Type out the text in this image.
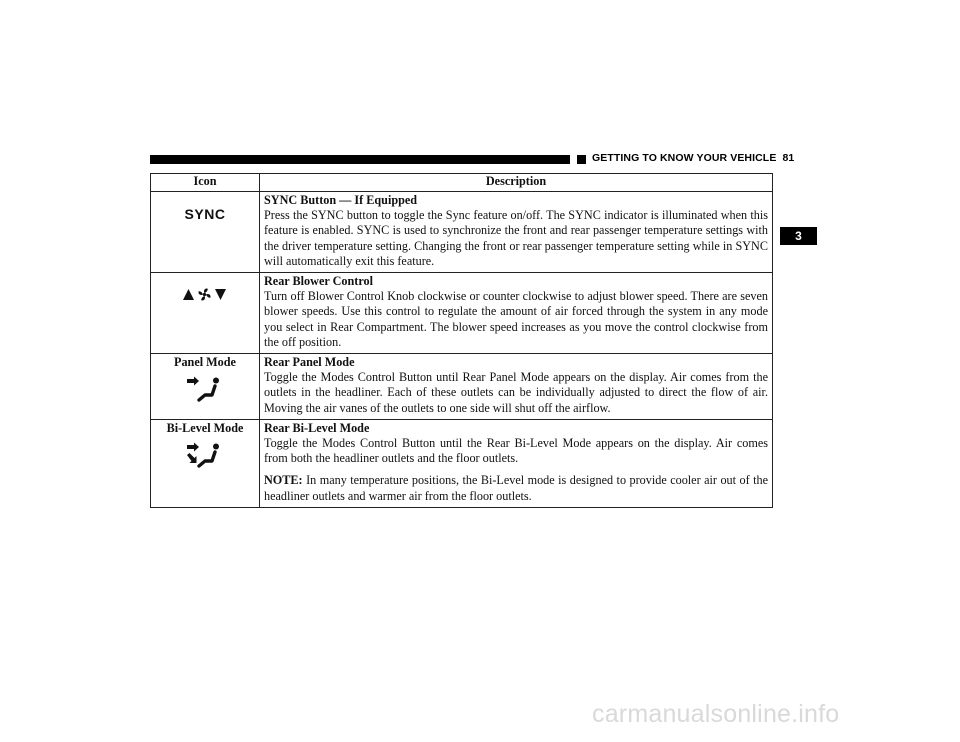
GETTING TO KNOW YOUR VEHICLE 81
3
Icon	Description

SYNC	SYNC Button — If Equipped
Press the SYNC button to toggle the Sync feature on/off. The SYNC indicator is illuminated when this feature is enabled. SYNC is used to synchronize the front and rear passenger temperature settings with the driver temperature setting. Changing the front or rear passenger temperature setting while in SYNC will automatically exit this feature.

Rear Blower Control
Turn off Blower Control Knob clockwise or counter clockwise to adjust blower speed. There are seven blower speeds. Use this control to regulate the amount of air forced through the system in any mode you select in Rear Compartment. The blower speed increases as you move the control clockwise from the off position.

Panel Mode	Rear Panel Mode
Toggle the Modes Control Button until Rear Panel Mode appears on the display. Air comes from the outlets in the headliner. Each of these outlets can be individually adjusted to direct the flow of air. Moving the air vanes of the outlets to one side will shut off the airflow.

Bi-Level Mode	Rear Bi-Level Mode
Toggle the Modes Control Button until the Rear Bi-Level Mode appears on the display. Air comes from both the headliner outlets and the floor outlets.
NOTE: In many temperature positions, the Bi-Level mode is designed to provide cooler air out of the headliner outlets and warmer air from the floor outlets.
carmanualsonline.info
